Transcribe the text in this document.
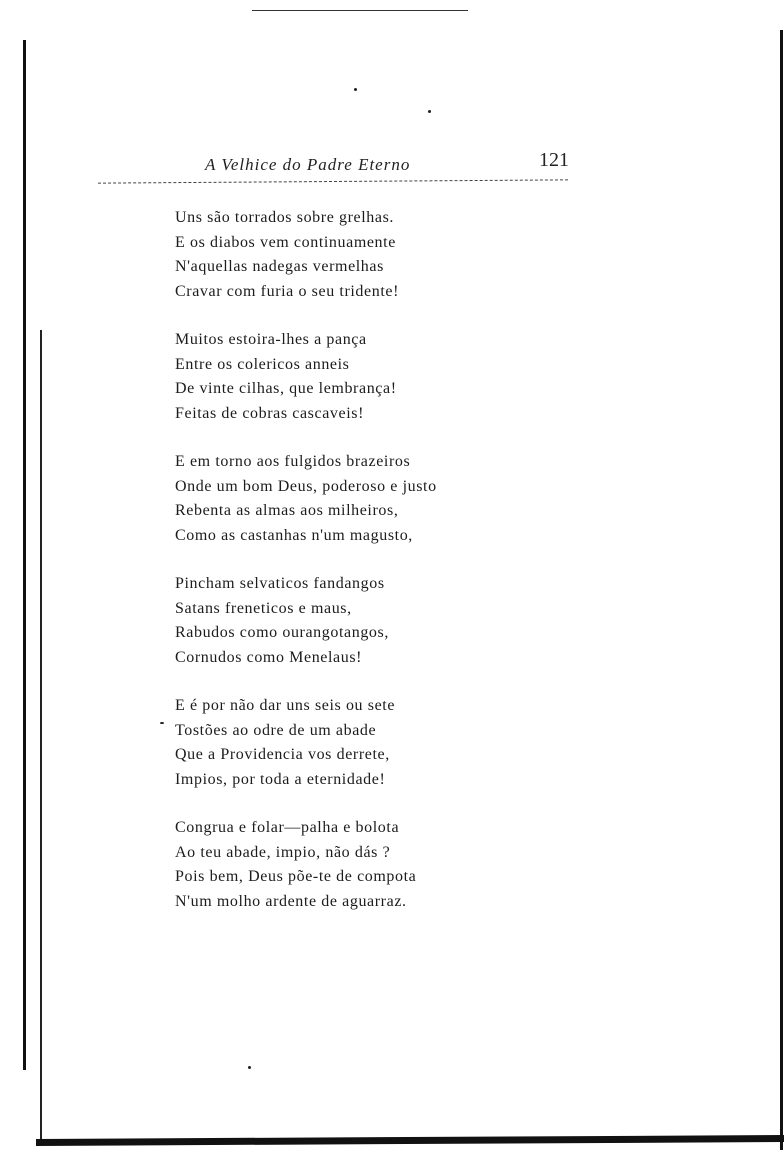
A Velhice do Padre Eterno	121
Uns são torrados sobre grelhas.
E os diabos vem continuamente
N'aquellas nadegas vermelhas
Cravar com furia o seu tridente!
Muitos estoira-lhes a pança
Entre os colericos anneis
De vinte cilhas, que lembrança!
Feitas de cobras cascaveis!
E em torno aos fulgidos brazeiros
Onde um bom Deus, poderoso e justo
Rebenta as almas aos milheiros,
Como as castanhas n'um magusto,
Pincham selvaticos fandangos
Satans freneticos e maus,
Rabudos como ourangotangos,
Cornudos como Menelaus!
E é por não dar uns seis ou sete
Tostões ao odre de um abade
Que a Providencia vos derrete,
Impios, por toda a eternidade!
Congrua e folar—palha e bolota
Ao teu abade, impio, não dás ?
Pois bem, Deus põe-te de compota
N'um molho ardente de aguarraz.
